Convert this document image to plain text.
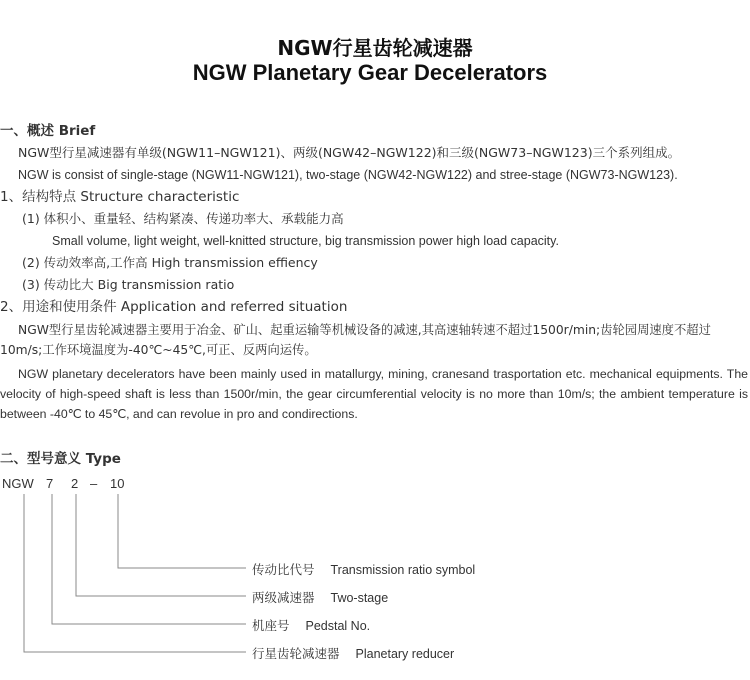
NGW行星齿轮减速器
NGW Planetary Gear Decelerators
一、概述 Brief
NGW型行星减速器有单级(NGW11–NGW121)、两级(NGW42–NGW122)和三级(NGW73–NGW123)三个系列组成。
NGW is consist of single-stage (NGW11-NGW121), two-stage (NGW42-NGW122) and stree-stage (NGW73-NGW123).
1、结构特点 Structure characteristic
(1) 体积小、重量轻、结构紧凑、传递功率大、承载能力高
Small volume, light weight, well-knitted structure, big transmission power high load capacity.
(2) 传动效率高,工作高 High transmission effiency
(3) 传动比大 Big transmission ratio
2、用途和使用条件 Application and referred situation
NGW型行星齿轮减速器主要用于冶金、矿山、起重运输等机械设备的减速,其高速轴转速不超过1500r/min;齿轮园周速度不超过10m/s;工作环境温度为-40℃~45℃,可正、反两向运传。
NGW planetary decelerators have been mainly used in matallurgy, mining, cranesand trasportation etc. mechanical equipments. The velocity of high-speed shaft is less than 1500r/min, the gear circumferential velocity is no more than 10m/s; the ambient temperature is between -40℃ to 45℃, and can revolue in pro and condirections.
二、型号意义 Type
NGW 7 2 – 10
传动比代号 Transmission ratio symbol
两级减速器 Two-stage
机座号 Pedstal No.
行星齿轮减速器 Planetary reducer
